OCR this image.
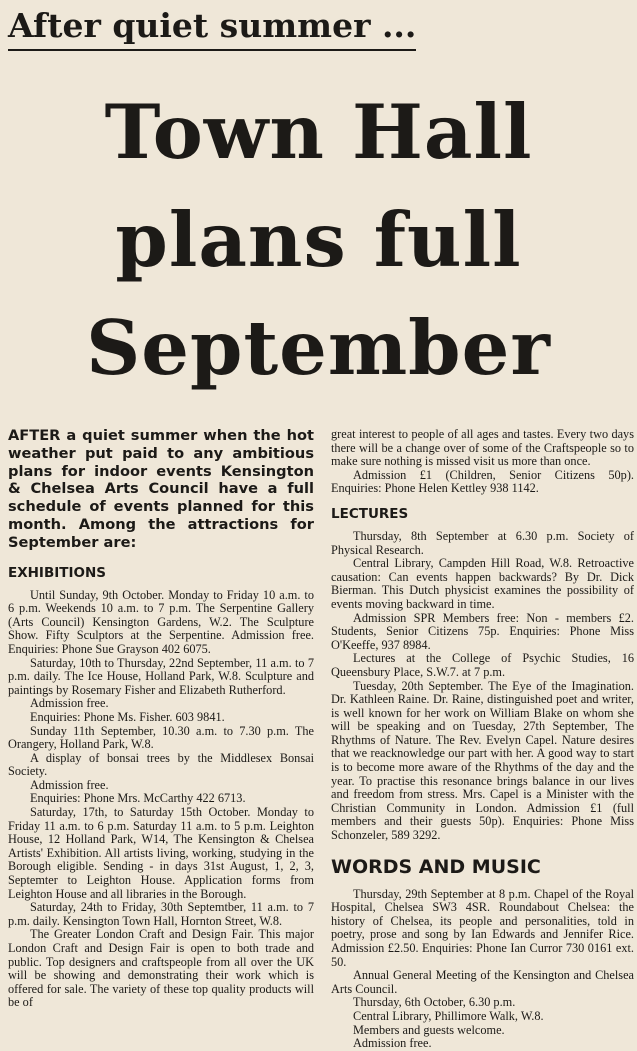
After quiet summer ...
Town Hall
plans full
September

AFTER a quiet summer when the hot weather put paid to any ambitious plans for indoor events Kensington & Chelsea Arts Council have a full schedule of events planned for this month. Among the attractions for September are:

EXHIBITIONS

Until Sunday, 9th October. Monday to Friday 10 a.m. to 6 p.m. Weekends 10 a.m. to 7 p.m. The Serpentine Gallery (Arts Council) Kensington Gardens, W.2. The Sculpture Show. Fifty Sculptors at the Serpentine. Admission free. Enquiries: Phone Sue Grayson 402 6075.

Saturday, 10th to Thursday, 22nd September, 11 a.m. to 7 p.m. daily. The Ice House, Holland Park, W.8. Sculpture and paintings by Rosemary Fisher and Elizabeth Rutherford.

Admission free.

Enquiries: Phone Ms. Fisher. 603 9841.

Sunday 11th September, 10.30 a.m. to 7.30 p.m. The Orangery, Holland Park, W.8.

A display of bonsai trees by the Middlesex Bonsai Society.

Admission free.

Enquiries: Phone Mrs. McCarthy 422 6713.

Saturday, 17th, to Saturday 15th October. Monday to Friday 11 a.m. to 6 p.m. Saturday 11 a.m. to 5 p.m. Leighton House, 12 Holland Park, W14, The Kensington & Chelsea Artists' Exhibition. All artists living, working, studying in the Borough eligible. Sending - in days 31st August, 1, 2, 3, Septemter to Leighton House. Application forms from Leighton House and all libraries in the Borough.

Saturday, 24th to Friday, 30th Septemtber, 11 a.m. to 7 p.m. daily. Kensington Town Hall, Hornton Street, W.8.

The Greater London Craft and Design Fair. This major London Craft and Design Fair is open to both trade and public. Top designers and craftspeople from all over the UK will be showing and demonstrating their work which is offered for sale. The variety of these top quality products will be of

great interest to people of all ages and tastes. Every two days there will be a change over of some of the Craftspeople so to make sure nothing is missed visit us more than once.

Admission £1 (Children, Senior Citizens 50p). Enquiries: Phone Helen Kettley 938 1142.

LECTURES

Thursday, 8th September at 6.30 p.m. Society of Physical Research.

Central Library, Campden Hill Road, W.8. Retroactive causation: Can events happen backwards? By Dr. Dick Bierman. This Dutch physicist examines the possibility of events moving backward in time.

Admission SPR Members free: Non - members £2. Students, Senior Citizens 75p. Enquiries: Phone Miss O'Keeffe, 937 8984.

Lectures at the College of Psychic Studies, 16 Queensbury Place, S.W.7. at 7 p.m.

Tuesday, 20th September. The Eye of the Imagination. Dr. Kathleen Raine. Dr. Raine, distinguished poet and writer, is well known for her work on William Blake on whom she will be speaking and on Tuesday, 27th September, The Rhythms of Nature. The Rev. Evelyn Capel. Nature desires that we reacknowledge our part with her. A good way to start is to become more aware of the Rhythms of the day and the year. To practise this resonance brings balance in our lives and freedom from stress. Mrs. Capel is a Minister with the Christian Community in London. Admission £1 (full members and their guests 50p). Enquiries: Phone Miss Schonzeler, 589 3292.

WORDS AND MUSIC

Thursday, 29th September at 8 p.m. Chapel of the Royal Hospital, Chelsea SW3 4SR. Roundabout Chelsea: the history of Chelsea, its people and personalities, told in poetry, prose and song by Ian Edwards and Jennifer Rice. Admission £2.50. Enquiries: Phone Ian Curror 730 0161 ext. 50.

Annual General Meeting of the Kensington and Chelsea Arts Council.

Thursday, 6th October, 6.30 p.m.

Central Library, Phillimore Walk, W.8.

Members and guests welcome.

Admission free.
